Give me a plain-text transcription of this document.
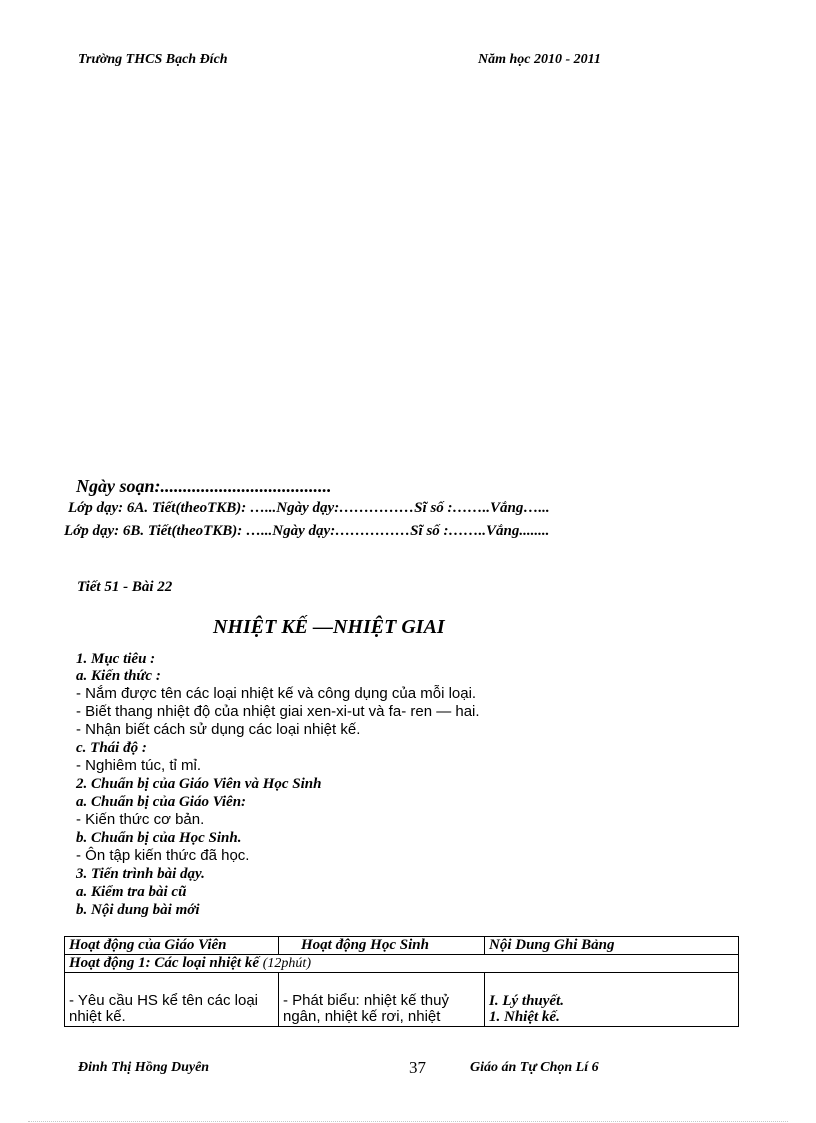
Trường THCS Bạch Đích	Năm học 2010 - 2011
Ngày soạn:......................................
Lớp dạy: 6A. Tiết(theoTKB): …...Ngày dạy:……………Sĩ số :……..Vắng…...
Lớp dạy: 6B. Tiết(theoTKB): …...Ngày dạy:……………Sĩ số :……..Vắng........
Tiết 51 - Bài 22
NHIỆT KẾ —NHIỆT GIAI
1. Mục tiêu :
a. Kiến thức :
- Nắm được tên các loại nhiệt kế và công dụng của mỗi loại.
- Biết thang nhiệt độ của nhiệt giai xen-xi-ut và fa- ren — hai.
- Nhận biết cách sử dụng các loại nhiệt kế.
c. Thái độ :
- Nghiêm túc, tỉ mỉ.
2. Chuẩn bị của Giáo Viên và Học Sinh
a. Chuẩn bị của Giáo Viên:
- Kiến thức cơ bản.
b. Chuẩn bị của Học Sinh.
- Ôn tập kiến thức đã học.
3. Tiến trình bài dạy.
a. Kiểm tra bài cũ
b. Nội dung bài mới
Hoạt động của Giáo Viên	Hoạt động Học Sinh	Nội Dung Ghi Bảng
Hoạt động 1: Các loại nhiệt kế (12phút)		
- Yêu cầu HS kể tên các loại nhiệt kế.	- Phát biểu: nhiệt kế thuỷ ngân, nhiệt kế rơi, nhiệt	I. Lý thuyết.
1. Nhiệt kế.
Đinh Thị Hồng Duyên	37	Giáo án Tự Chọn Lí 6
